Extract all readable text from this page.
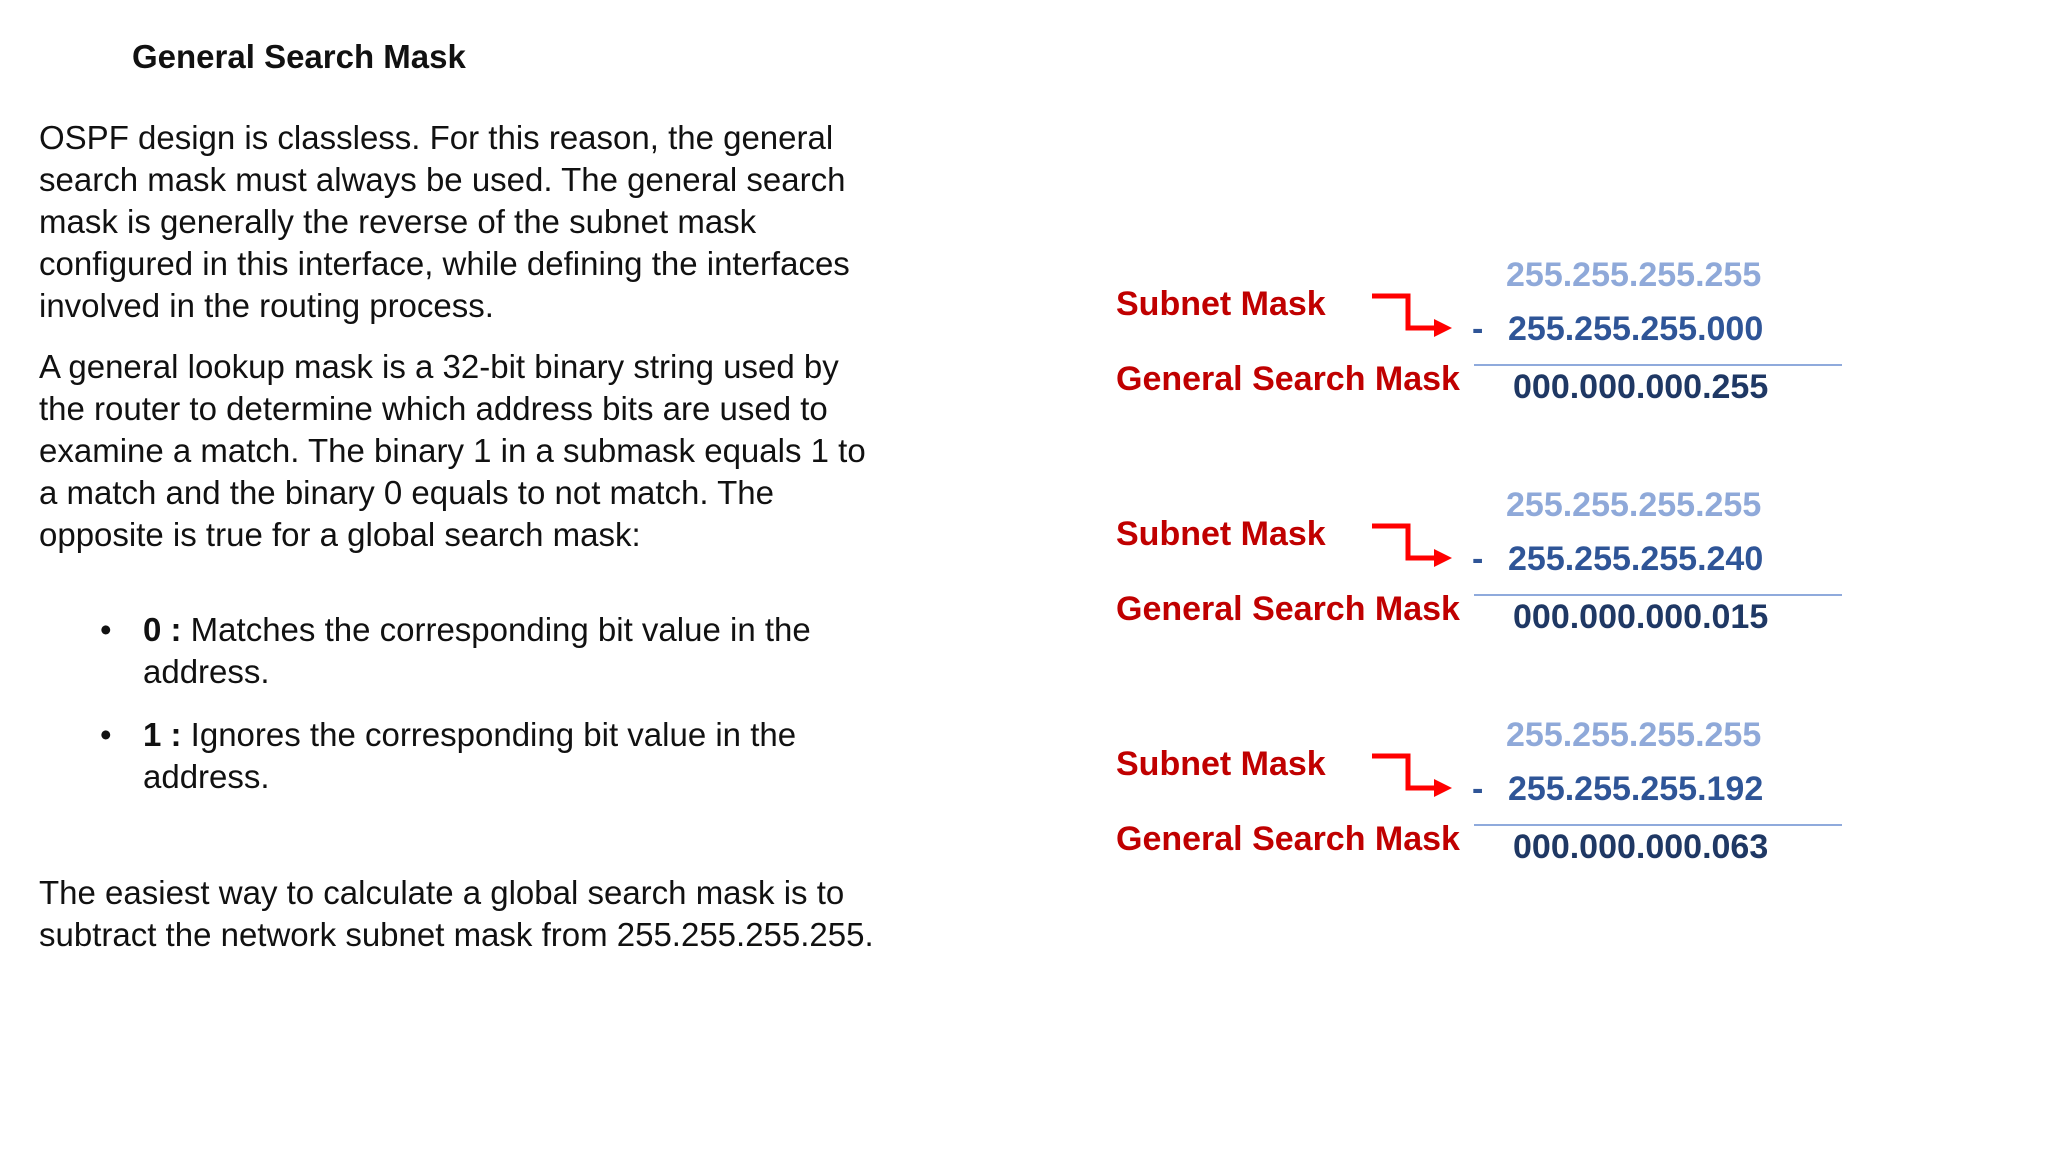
General Search Mask
OSPF design is classless. For this reason, the general search mask must always be used. The general search mask is generally the reverse of the subnet mask configured in this interface, while defining the interfaces involved in the routing process.
A general lookup mask is a 32-bit binary string used by the router to determine which address bits are used to examine a match. The binary 1 in a submask equals 1 to a match and the binary 0 equals to not match. The opposite is true for a global search mask:
• 0 : Matches the corresponding bit value in the address.
• 1 : Ignores the corresponding bit value in the address.
The easiest way to calculate a global search mask is to subtract the network subnet mask from 255.255.255.255.
Subnet Mask
255.255.255.255
- 255.255.255.000
General Search Mask 000.000.000.255
Subnet Mask
255.255.255.255
- 255.255.255.240
General Search Mask 000.000.000.015
Subnet Mask
255.255.255.255
- 255.255.255.192
General Search Mask 000.000.000.063
